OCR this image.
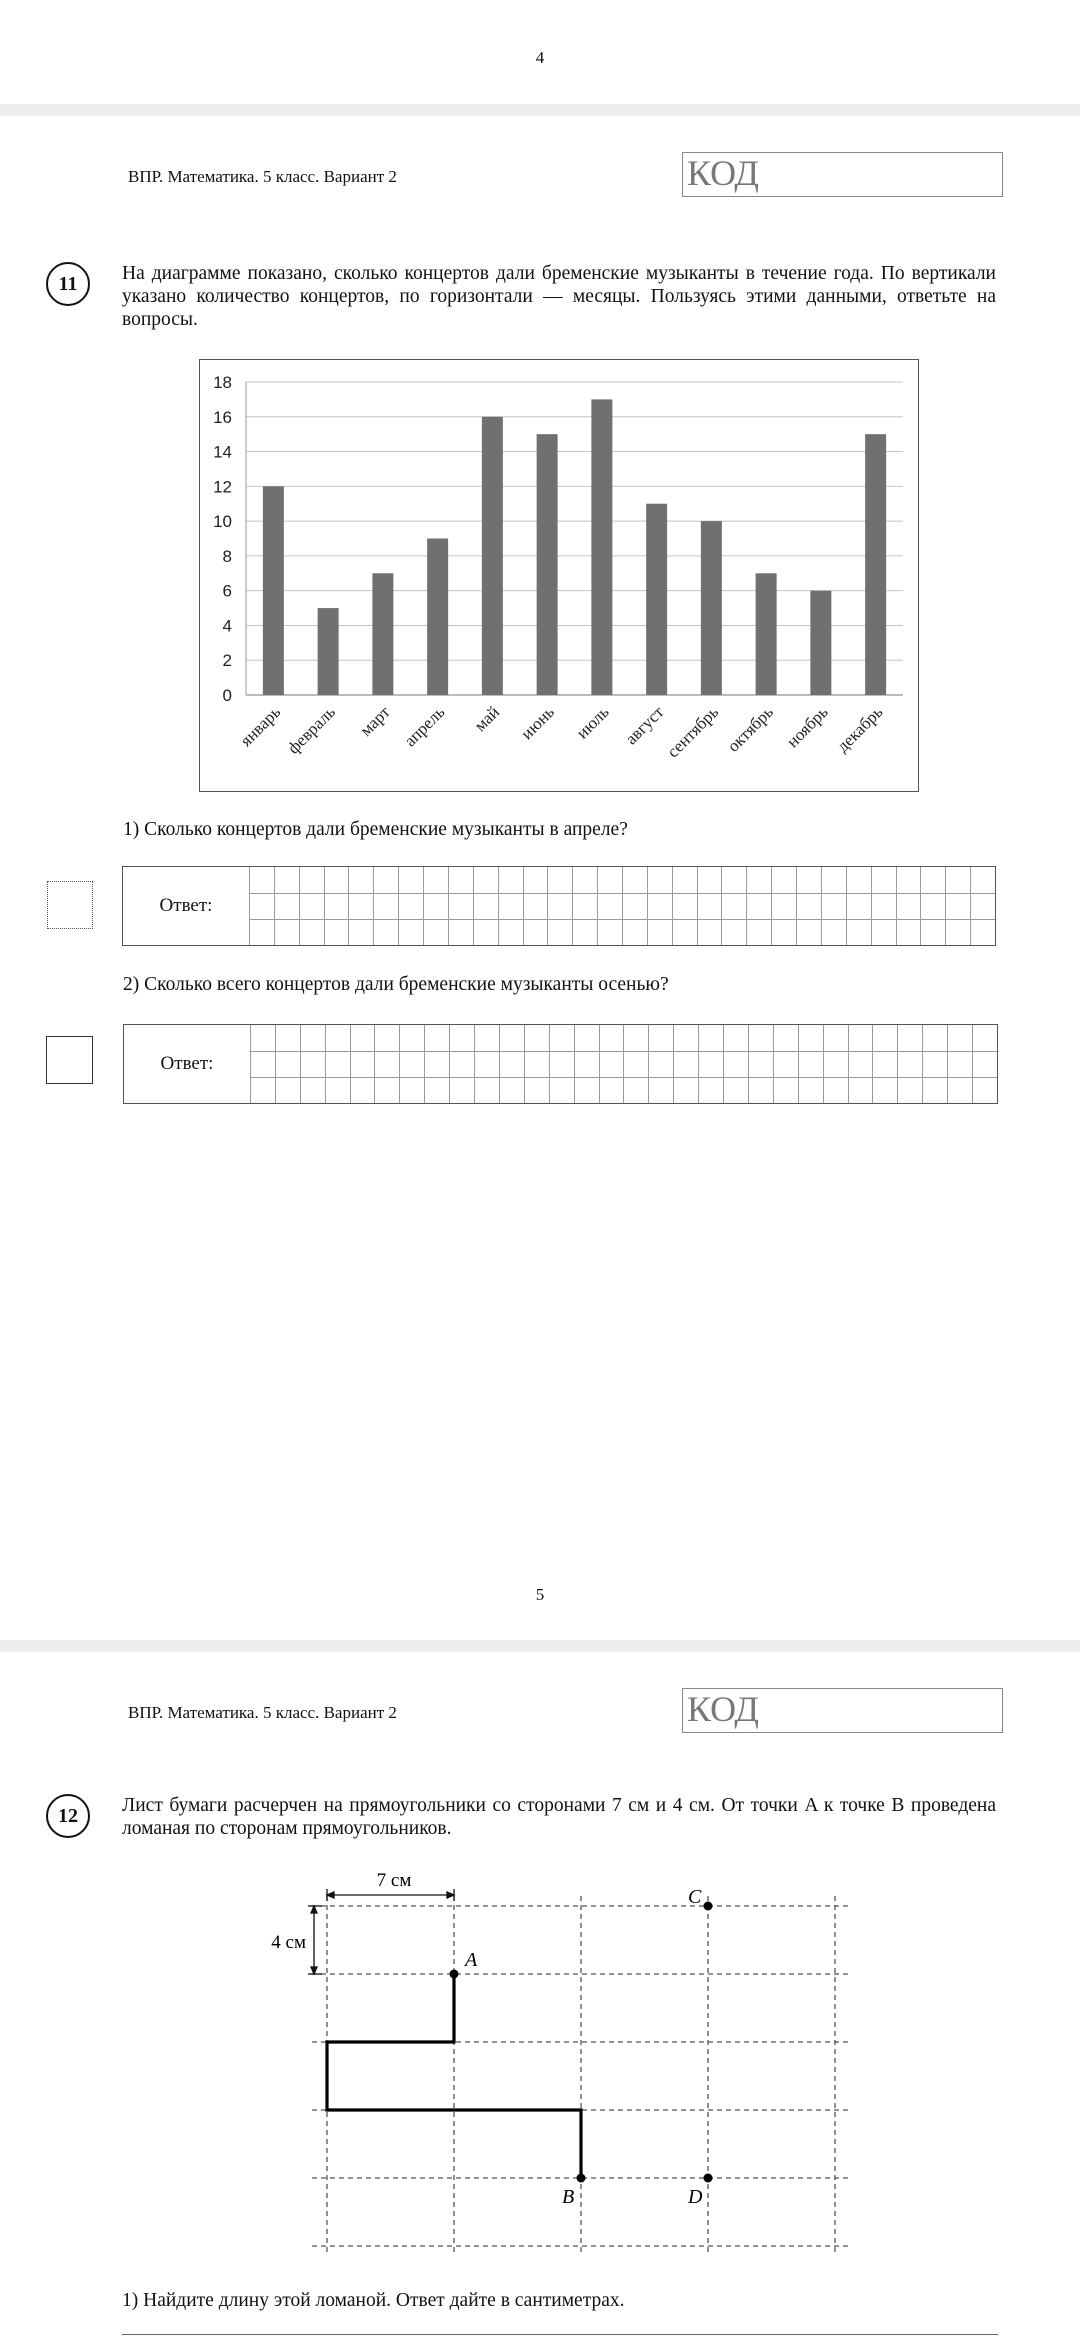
4
ВПР. Математика. 5 класс. Вариант 2	КОД
11	На диаграмме показано, сколько концертов дали бременские музыканты в течение года. По вертикали указано количество концертов, по горизонтали — месяцы. Пользуясь этими данными, ответьте на вопросы.
0
2
4
6
8
10
12
14
16
18
январь февраль март апрель май июнь июль август
сентябрь октябрь ноябрь декабрь
1) Сколько концертов дали бременские музыканты в апреле?
Ответ:
2) Сколько всего концертов дали бременские музыканты осенью?
Ответ:
5
ВПР. Математика. 5 класс. Вариант 2	КОД
12	Лист бумаги расчерчен на прямоугольники со сторонами 7 см и 4 см. От точки A к точке B проведена ломаная по сторонам прямоугольников.
7 см
4 см
A
B
C
D
1) Найдите длину этой ломаной. Ответ дайте в сантиметрах.
